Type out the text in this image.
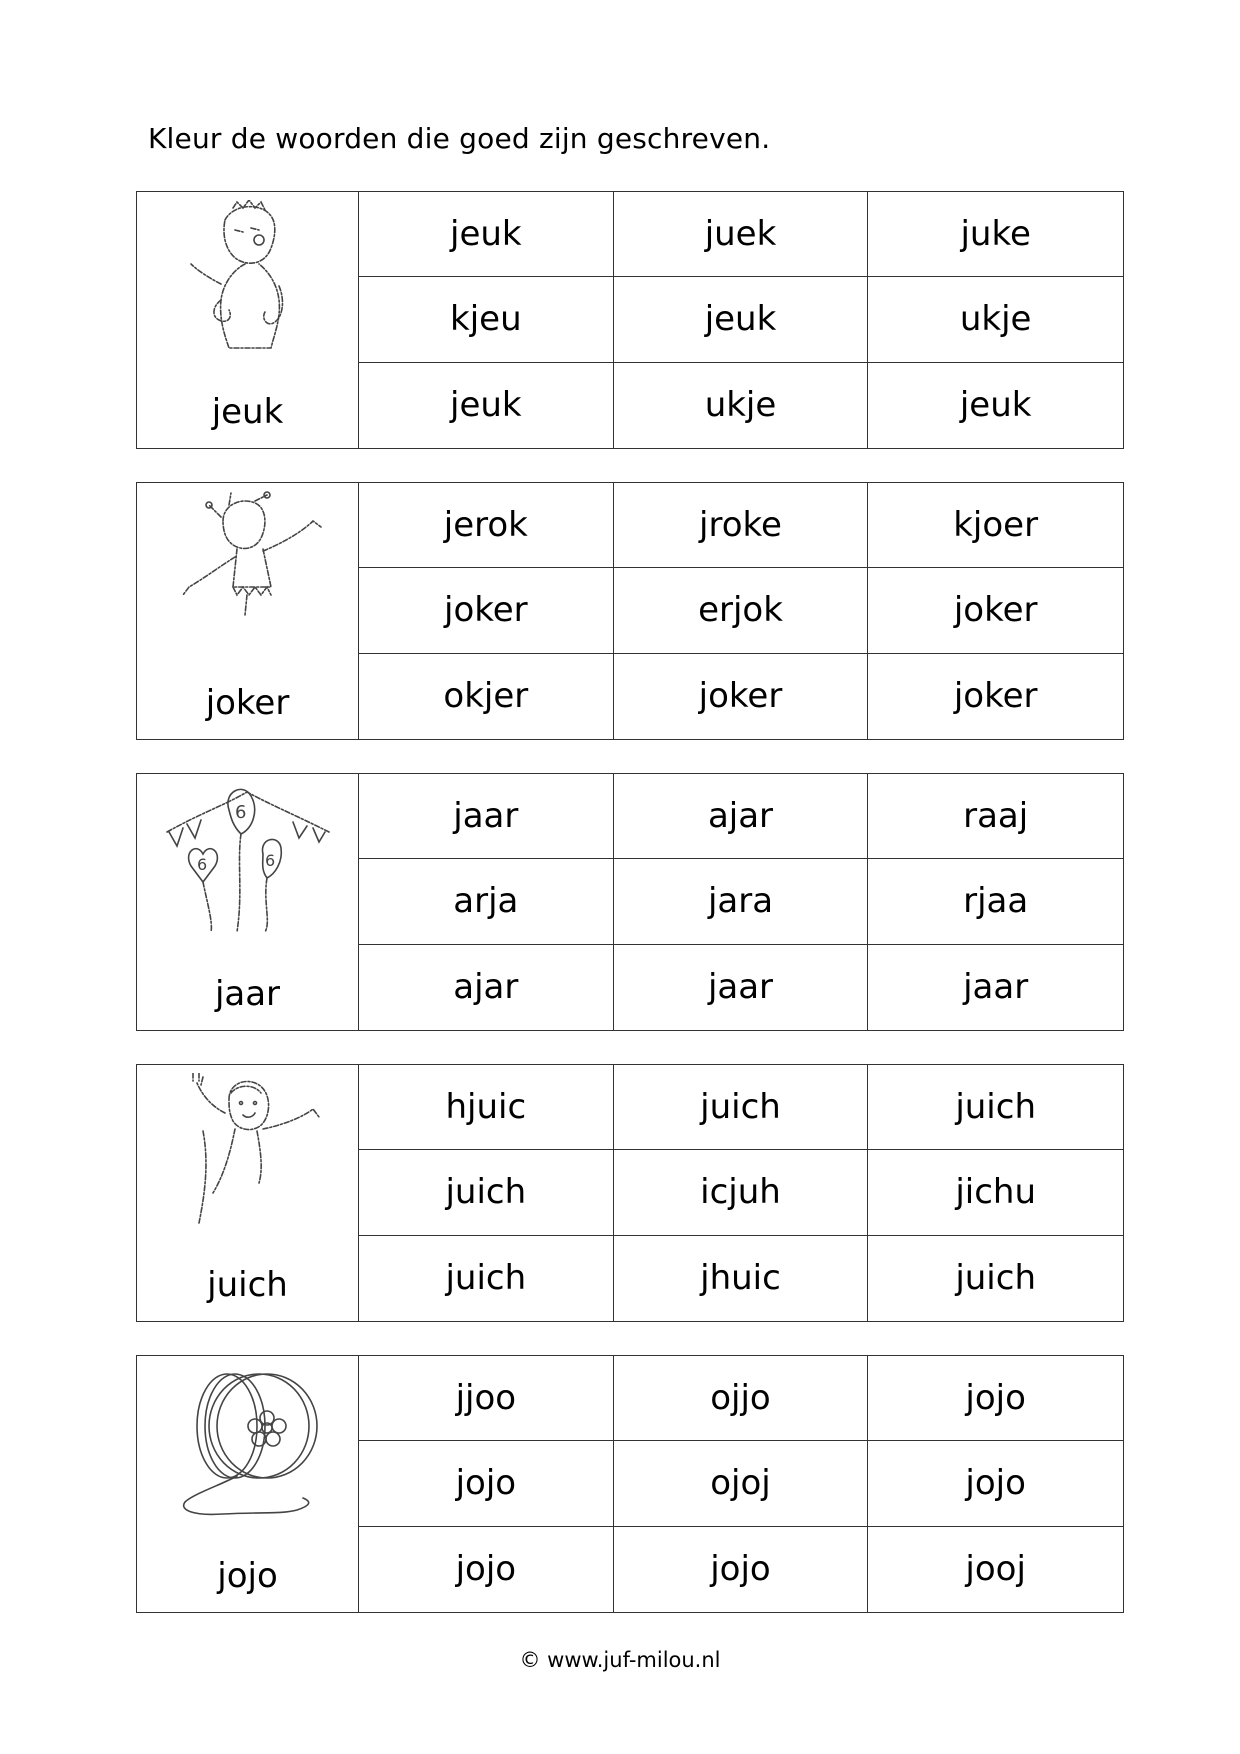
Kleur de woorden die goed zijn geschreven.
jeuk
jeuk	juek	juke
kjeu	jeuk	ukje
jeuk	ukje	jeuk
joker
jerok	jroke	kjoer
joker	erjok	joker
okjer	joker	joker
6
6	6
jaar
jaar	ajar	raaj
arja	jara	rjaa
ajar	jaar	jaar
juich
hjuic	juich	juich
juich	icjuh	jichu
juich	jhuic	juich
jojo
jjoo	ojjo	jojo
jojo	ojoj	jojo
jojo	jojo	jooj
© www.juf-milou.nl
